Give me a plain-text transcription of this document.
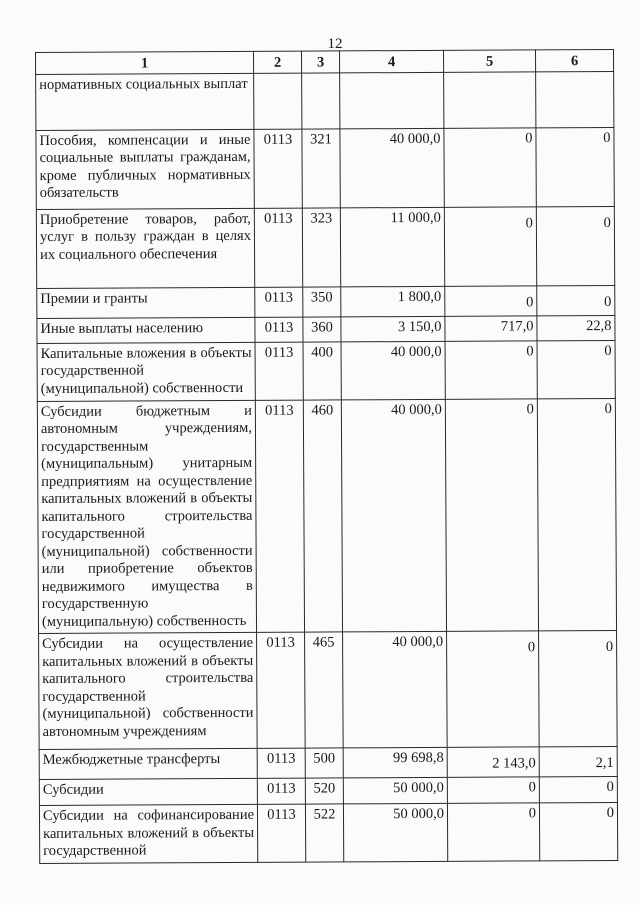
12
1	2	3	4	5	6
нормативных социальных выплат					
Пособия, компенсации и иные социальные выплаты гражданам, кроме публичных нормативных обязательств	0113	321	40 000,0	0	0
Приобретение товаров, работ, услуг в пользу граждан в целях их социального обеспечения	0113	323	11 000,0	0	0
Премии и гранты	0113	350	1 800,0	0	0
Иные выплаты населению	0113	360	3 150,0	717,0	22,8
Капитальные вложения в объекты государственной (муниципальной) собственности	0113	400	40 000,0	0	0
Субсидии бюджетным и автономным учреждениям, государственным (муниципальным) унитарным предприятиям на осуществление капитальных вложений в объекты капитального строительства государственной (муниципальной) собственности или приобретение объектов недвижимого имущества в государственную (муниципальную) собственность	0113	460	40 000,0	0	0
Субсидии на осуществление капитальных вложений в объекты капитального строительства государственной (муниципальной) собственности автономным учреждениям	0113	465	40 000,0	0	0
Межбюджетные трансферты	0113	500	99 698,8	2 143,0	2,1
Субсидии	0113	520	50 000,0	0	0
Субсидии на софинансирование капитальных вложений в объекты государственной	0113	522	50 000,0	0	0
